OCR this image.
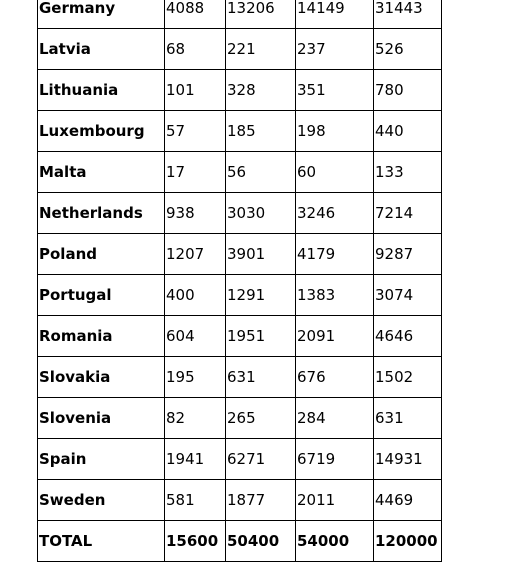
Germany	4088	13206	14149	31443
Latvia	68	221	237	526
Lithuania	101	328	351	780
Luxembourg	57	185	198	440
Malta	17	56	60	133
Netherlands	938	3030	3246	7214
Poland	1207	3901	4179	9287
Portugal	400	1291	1383	3074
Romania	604	1951	2091	4646
Slovakia	195	631	676	1502
Slovenia	82	265	284	631
Spain	1941	6271	6719	14931
Sweden	581	1877	2011	4469
TOTAL	15600	50400	54000	120000
